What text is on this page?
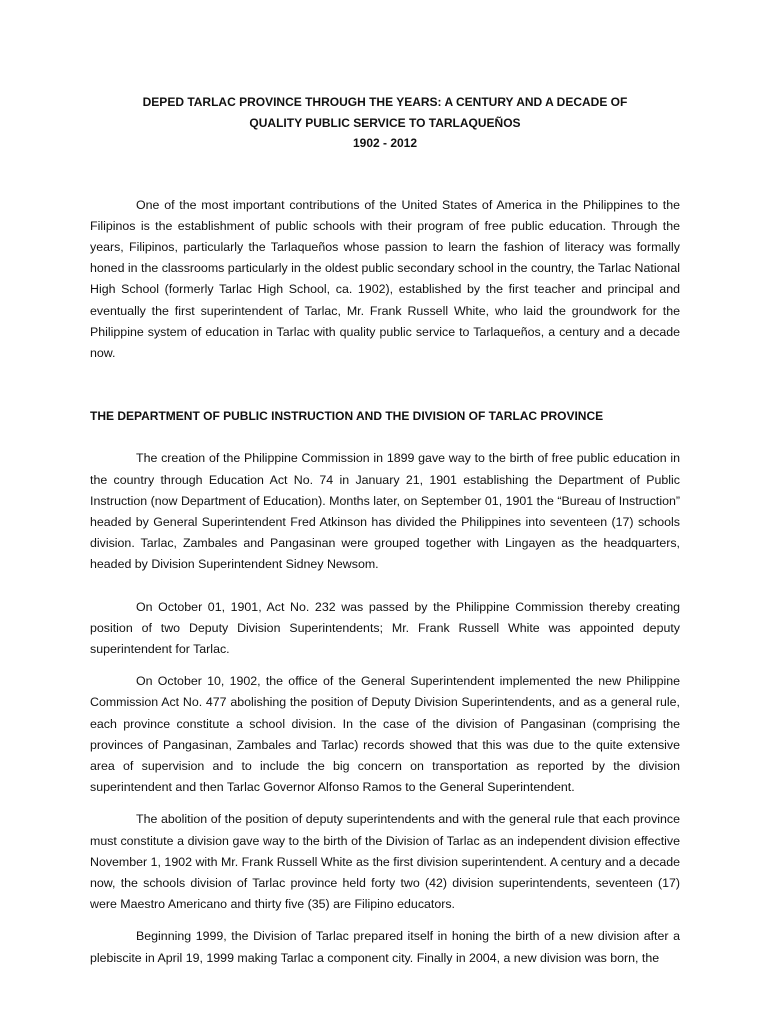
DEPED TARLAC PROVINCE THROUGH THE YEARS: A CENTURY AND A DECADE OF
QUALITY PUBLIC SERVICE TO TARLAQUEÑOS
1902 - 2012

One of the most important contributions of the United States of America in the Philippines to the Filipinos is the establishment of public schools with their program of free public education. Through the years, Filipinos, particularly the Tarlaqueños whose passion to learn the fashion of literacy was formally honed in the classrooms particularly in the oldest public secondary school in the country, the Tarlac National High School (formerly Tarlac High School, ca. 1902), established by the first teacher and principal and eventually the first superintendent of Tarlac, Mr. Frank Russell White, who laid the groundwork for the Philippine system of education in Tarlac with quality public service to Tarlaqueños, a century and a decade now.

THE DEPARTMENT OF PUBLIC INSTRUCTION AND THE DIVISION OF TARLAC PROVINCE

The creation of the Philippine Commission in 1899 gave way to the birth of free public education in the country through Education Act No. 74 in January 21, 1901 establishing the Department of Public Instruction (now Department of Education). Months later, on September 01, 1901 the “Bureau of Instruction” headed by General Superintendent Fred Atkinson has divided the Philippines into seventeen (17) schools division. Tarlac, Zambales and Pangasinan were grouped together with Lingayen as the headquarters, headed by Division Superintendent Sidney Newsom.

On October 01, 1901, Act No. 232 was passed by the Philippine Commission thereby creating position of two Deputy Division Superintendents; Mr. Frank Russell White was appointed deputy superintendent for Tarlac.

On October 10, 1902, the office of the General Superintendent implemented the new Philippine Commission Act No. 477 abolishing the position of Deputy Division Superintendents, and as a general rule, each province constitute a school division. In the case of the division of Pangasinan (comprising the provinces of Pangasinan, Zambales and Tarlac) records showed that this was due to the quite extensive area of supervision and to include the big concern on transportation as reported by the division superintendent and then Tarlac Governor Alfonso Ramos to the General Superintendent.

The abolition of the position of deputy superintendents and with the general rule that each province must constitute a division gave way to the birth of the Division of Tarlac as an independent division effective November 1, 1902 with Mr. Frank Russell White as the first division superintendent. A century and a decade now, the schools division of Tarlac province held forty two (42) division superintendents, seventeen (17) were Maestro Americano and thirty five (35) are Filipino educators.

Beginning 1999, the Division of Tarlac prepared itself in honing the birth of a new division after a plebiscite in April 19, 1999 making Tarlac a component city. Finally in 2004, a new division was born, the
